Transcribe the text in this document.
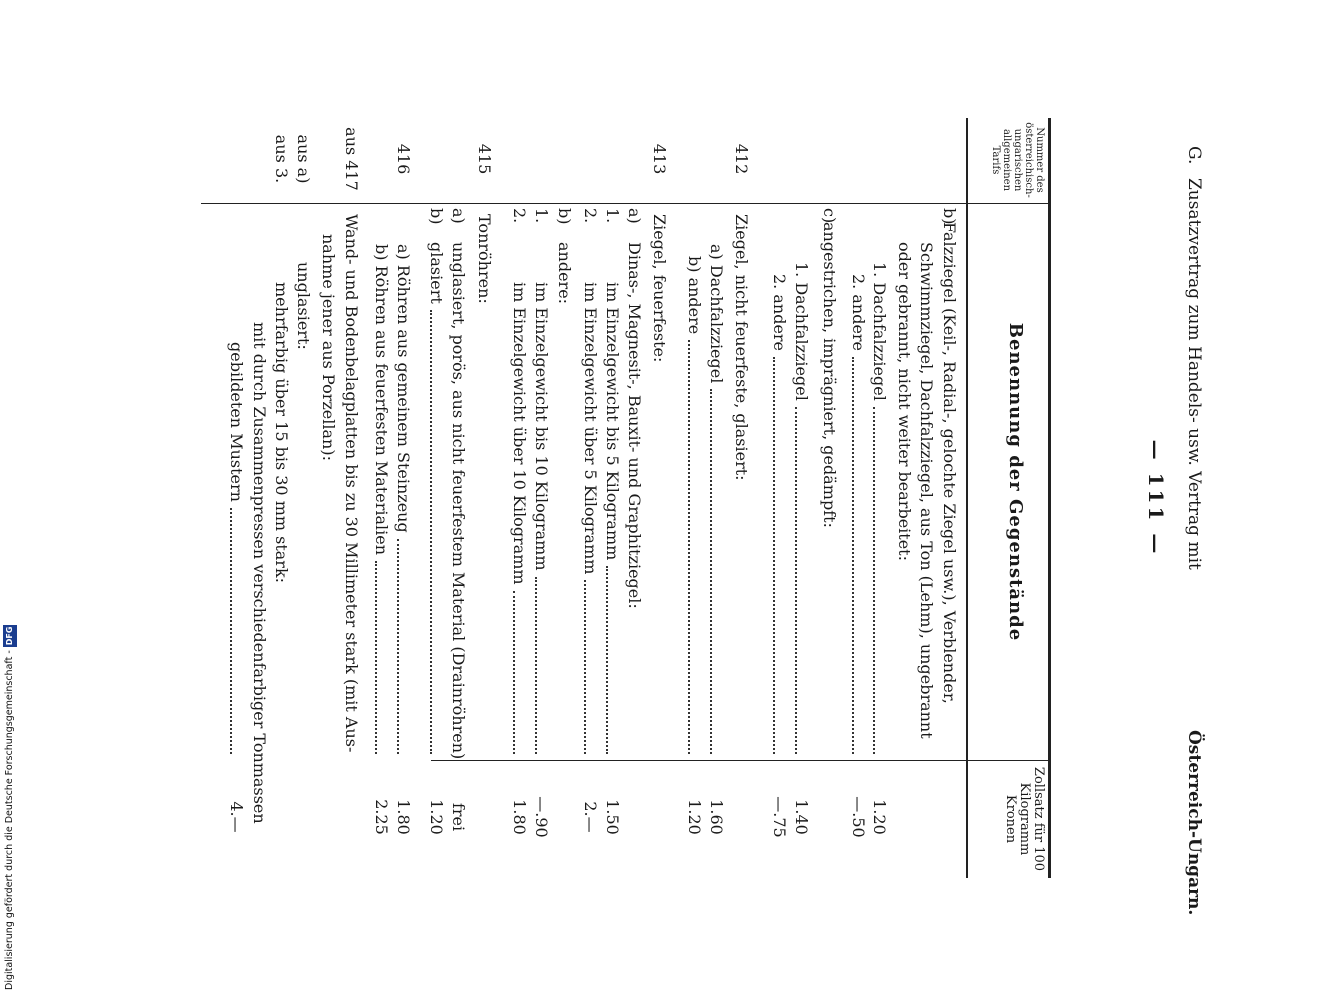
G.
Zusatzvertrag zum Handels- usw. Vertrag mit
Österreich-Ungarn.
— 111 —
Nummer des österreichisch-ungarischen allgemeinen Tarifs
Benennung der Gegenstände
Zollsatz für 100 Kilogramm Kronen
b)
Falzziegel (Keil-, Radial-, gelochte Ziegel usw.), Verblender,
Schwimmziegel, Dachfalzziegel, aus Ton (Lehm), ungebrannt
oder gebrannt, nicht weiter bearbeitet:
1. Dachfalzziegel
1.20
2. andere
—.50
c)
angestrichen, imprägniert, gedämpft:
1. Dachfalzziegel
1.40
2. andere
—.75
412
Ziegel, nicht feuerfeste, glasiert:
a) Dachfalzziegel
1.60
b) andere
1.20
413
Ziegel, feuerfeste:
a)
Dinas-, Magnesit-, Bauxit- und Graphitziegel:
1.
im Einzelgewicht bis 5 Kilogramm
1.50
2.
im Einzelgewicht über 5 Kilogramm
2.—
b)
andere:
1.
im Einzelgewicht bis 10 Kilogramm
—.90
2.
im Einzelgewicht über 10 Kilogramm
1.80
415
Tonröhren:
a)
unglasiert, porös, aus nicht feuerfestem Material (Drainröhren)
frei
b)
glasiert
1.20
416
a) Röhren aus gemeinem Steinzeug
1.80
b) Röhren aus feuerfesten Materialien
2.25
aus 417
Wand- und Bodenbelagplatten bis zu 30 Millimeter stark (mit Aus-
nahme jener aus Porzellan):
aus a)
unglasiert:
aus 3.
mehrfarbig über 15 bis 30 mm stark:
mit durch Zusammenpressen verschiedenfarbiger Tonmassen
gebildeten Mustern
4.—
Digitalisierung gefördert durch die Deutsche Forschungsgemeinschaft -DFG
